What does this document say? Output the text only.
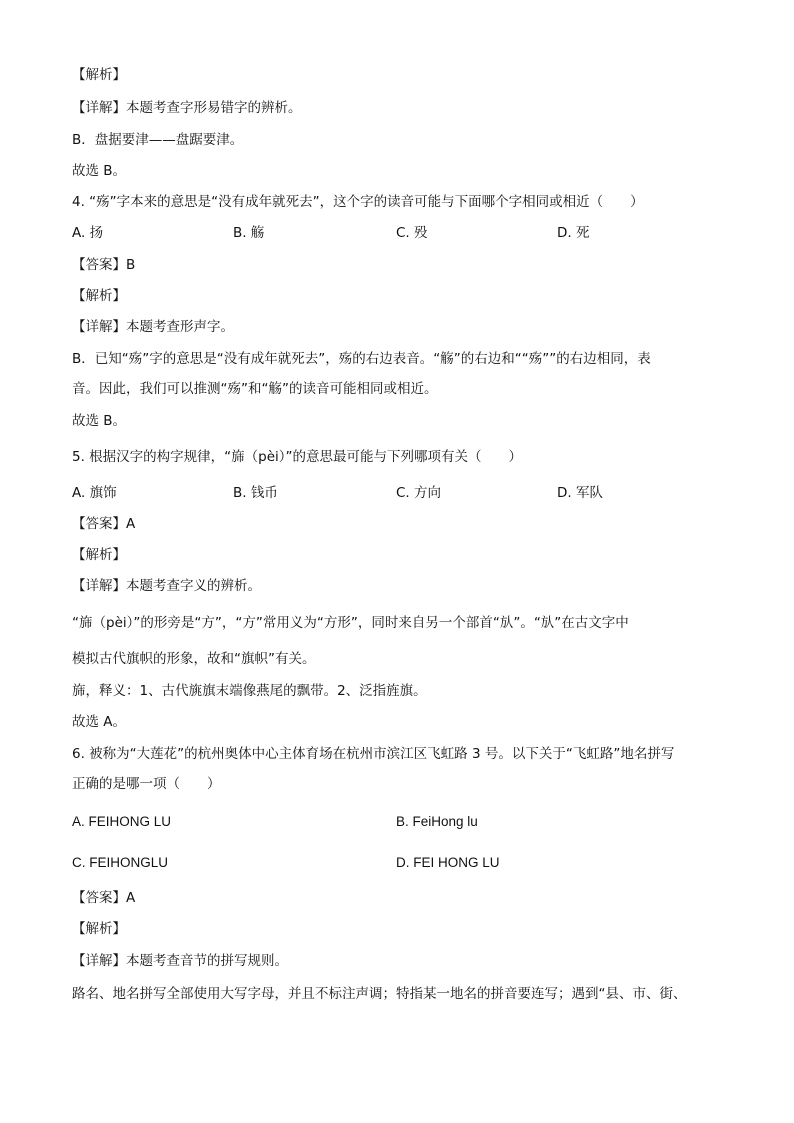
【解析】
【详解】本题考查字形易错字的辨析。
B．盘据要津——盘踞要津。
故选 B。
4. “殇”字本来的意思是“没有成年就死去”，这个字的读音可能与下面哪个字相同或相近（　　）
A. 扬	B. 觞	C. 殁	D. 死
【答案】B
【解析】
【详解】本题考查形声字。
B．已知“殇”字的意思是“没有成年就死去”，殇的右边表音。“觞”的右边和““殇””的右边相同，表
音。因此，我们可以推测“殇”和“觞”的读音可能相同或相近。
故选 B。
5. 根据汉字的构字规律，“旆（pèi）”的意思最可能与下列哪项有关（　　）
A. 旗饰	B. 钱币	C. 方向	D. 军队
【答案】A
【解析】
【详解】本题考查字义的辨析。
“旆（pèi）”的形旁是“方”，“方”常用义为“方形”，同时来自另一个部首“㫃”。“㫃”在古文字中
模拟古代旗帜的形象，故和“旗帜”有关。
旆，释义：1、古代旐旗末端像燕尾的飘带。2、泛指旌旗。
故选 A。
6. 被称为“大莲花”的杭州奥体中心主体育场在杭州市滨江区飞虹路 3 号。以下关于“飞虹路”地名拼写
正确的是哪一项（　　）
A. FEIHONG LU	B. FeiHong lu
C. FEIHONGLU	D. FEI HONG LU
【答案】A
【解析】
【详解】本题考查音节的拼写规则。
路名、地名拼写全部使用大写字母，并且不标注声调；特指某一地名的拼音要连写；遇到“县、市、街、
